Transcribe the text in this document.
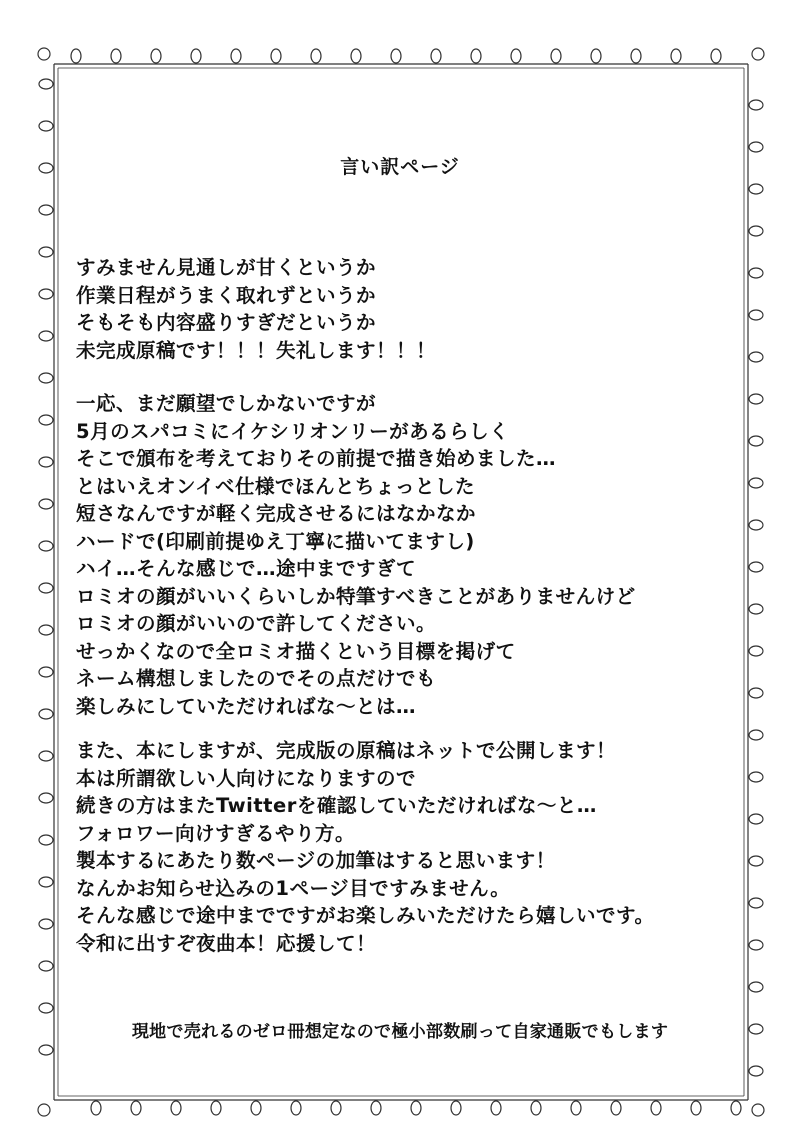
言い訳ページ
すみません見通しが甘くというか
作業日程がうまく取れずというか
そもそも内容盛りすぎだというか
未完成原稿です！！！失礼します！！！
一応、まだ願望でしかないですが
5月のスパコミにイケシリオンリーがあるらしく
そこで頒布を考えておりその前提で描き始めました…
とはいえオンイベ仕様でほんとちょっとした
短さなんですが軽く完成させるにはなかなか
ハードで(印刷前提ゆえ丁寧に描いてますし)
ハイ…そんな感じで…途中まですぎて
ロミオの顔がいいくらいしか特筆すべきことがありませんけど
ロミオの顔がいいので許してください。
せっかくなので全ロミオ描くという目標を掲げて
ネーム構想しましたのでその点だけでも
楽しみにしていただければな～とは…
また、本にしますが、完成版の原稿はネットで公開します！
本は所謂欲しい人向けになりますので
続きの方はまたTwitterを確認していただければな～と…
フォロワー向けすぎるやり方。
製本するにあたり数ページの加筆はすると思います！
なんかお知らせ込みの1ページ目ですみません。
そんな感じで途中までですがお楽しみいただけたら嬉しいです。
令和に出すぞ夜曲本！応援して！
現地で売れるのゼロ冊想定なので極小部数刷って自家通販でもします
